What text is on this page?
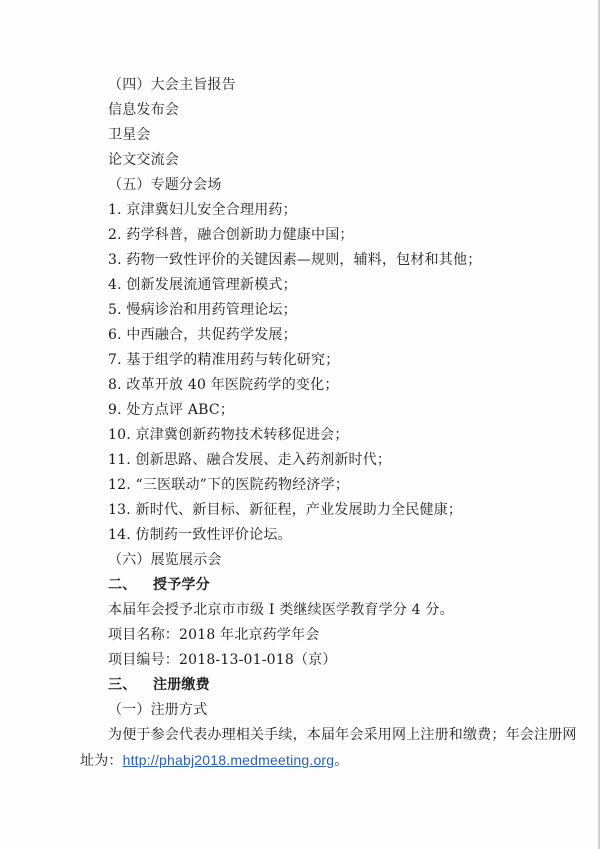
（四）大会主旨报告
信息发布会
卫星会
论文交流会
（五）专题分会场
1. 京津冀妇儿安全合理用药；
2. 药学科普，融合创新助力健康中国；
3. 药物一致性评价的关键因素—规则，辅料，包材和其他；
4. 创新发展流通管理新模式；
5. 慢病诊治和用药管理论坛；
6. 中西融合，共促药学发展；
7. 基于组学的精准用药与转化研究；
8. 改革开放 40 年医院药学的变化；
9. 处方点评 ABC；
10. 京津冀创新药物技术转移促进会；
11. 创新思路、融合发展、走入药剂新时代；
12. “三医联动”下的医院药物经济学；
13. 新时代、新目标、新征程，产业发展助力全民健康；
14. 仿制药一致性评价论坛。
（六）展览展示会
二、 授予学分
本届年会授予北京市市级 I 类继续医学教育学分 4 分。
项目名称：2018 年北京药学年会
项目编号：2018-13-01-018（京）
三、 注册缴费
（一）注册方式
为便于参会代表办理相关手续，本届年会采用网上注册和缴费；年会注册网
址为：http://phabj2018.medmeeting.org。
